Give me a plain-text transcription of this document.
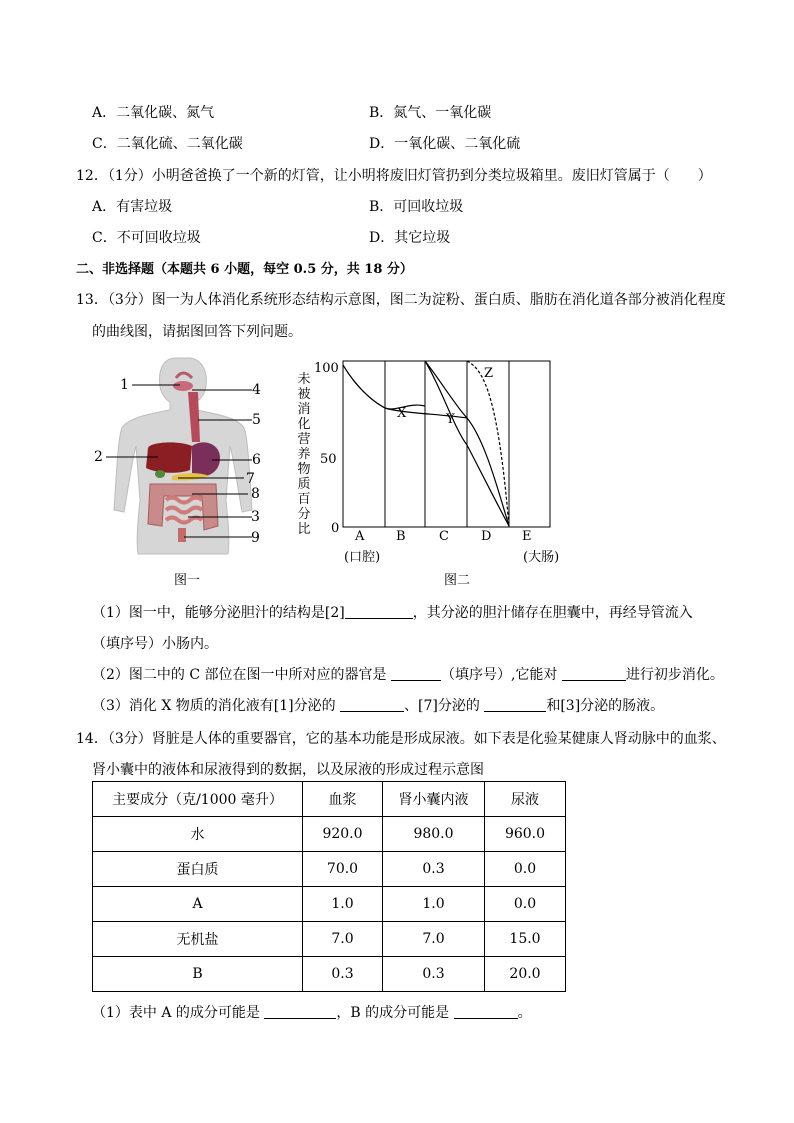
A．二氧化碳、氮气	B．氮气、一氧化碳
C．二氧化硫、二氧化碳	D．一氧化碳、二氧化硫
12．（1分）小明爸爸换了一个新的灯管，让小明将废旧灯管扔到分类垃圾箱里。废旧灯管属于（　　）
A．有害垃圾	B．可回收垃圾
C．不可回收垃圾	D．其它垃圾
二、非选择题（本题共 6 小题，每空 0.5 分，共 18 分）
13．（3分）图一为人体消化系统形态结构示意图，图二为淀粉、蛋白质、脂肪在消化道各部分被消化程度
的曲线图，请据图回答下列问题。
1
2
3
4
5
6
7
8
9
图一
未被消化营养物质百分比
100
50
0
X	Y
Z
A B	C D E
(口腔)	(大肠)
图二
（1）图一中，能够分泌胆汁的结构是[2]	，其分泌的胆汁储存在胆囊中，再经导管流入
（填序号）小肠内。
（2）图二中的 C 部位在图一中所对应的器官是	（填序号）,它能对	进行初步消化。
（3）消化 X 物质的消化液有[1]分泌的	、[7]分泌的	和[3]分泌的肠液。
14．（3分）肾脏是人体的重要器官，它的基本功能是形成尿液。如下表是化验某健康人肾动脉中的血浆、
肾小囊中的液体和尿液得到的数据，以及尿液的形成过程示意图
主要成分（克/1000 毫升）	血浆	肾小囊内液	尿液
水	920.0	980.0	960.0
蛋白质	70.0	0.3	0.0
A	1.0	1.0	0.0
无机盐	7.0	7.0	15.0
B	0.3	0.3	20.0
（1）表中 A 的成分可能是	，B 的成分可能是	。
